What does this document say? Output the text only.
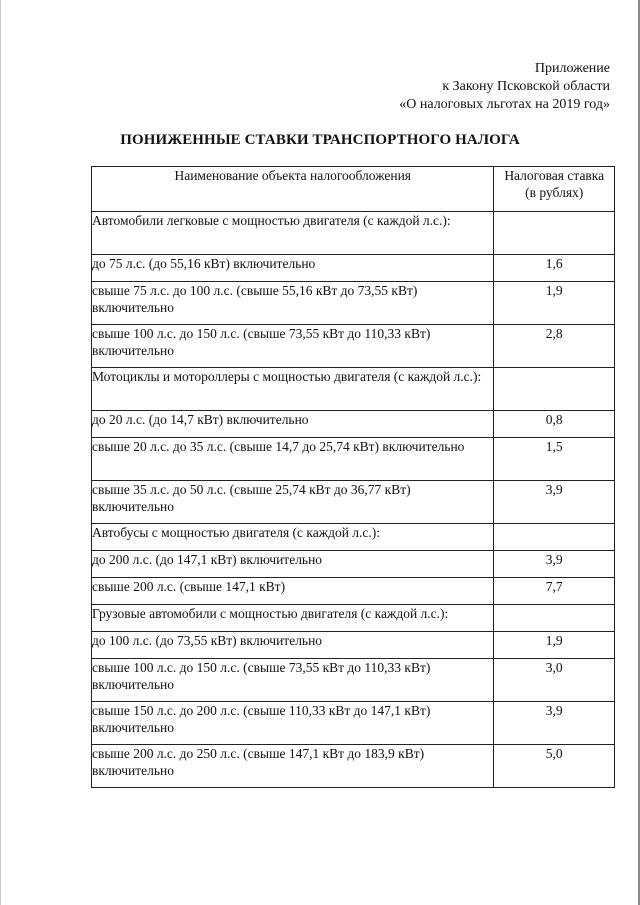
Приложение
к Закону Псковской области
«О налоговых льготах на 2019 год»
ПОНИЖЕННЫЕ СТАВКИ ТРАНСПОРТНОГО НАЛОГА
Наименование объекта налогообложения	Налоговая ставка
(в рублях)

Автомобили легковые с мощностью двигателя (с каждой л.с.):	
до 75 л.с. (до 55,16 кВт) включительно	1,6
свыше 75 л.с. до 100 л.с. (свыше 55,16 кВт до 73,55 кВт) включительно	1,9
свыше 100 л.с. до 150 л.с. (свыше 73,55 кВт до 110,33 кВт) включительно	2,8
Мотоциклы и мотороллеры с мощностью двигателя (с каждой л.с.):	
до 20 л.с. (до 14,7 кВт) включительно	0,8
свыше 20 л.с. до 35 л.с. (свыше 14,7 до 25,74 кВт) включительно	1,5
свыше 35 л.с. до 50 л.с. (свыше 25,74 кВт до 36,77 кВт) включительно	3,9
Автобусы с мощностью двигателя (с каждой л.с.):	
до 200 л.с. (до 147,1 кВт) включительно	3,9
свыше 200 л.с. (свыше 147,1 кВт)	7,7
Грузовые автомобили с мощностью двигателя (с каждой л.с.):	
до 100 л.с. (до 73,55 кВт) включительно	1,9
свыше 100 л.с. до 150 л.с. (свыше 73,55 кВт до 110,33 кВт) включительно	3,0
свыше 150 л.с. до 200 л.с. (свыше 110,33 кВт до 147,1 кВт) включительно	3,9
свыше 200 л.с. до 250 л.с. (свыше 147,1 кВт до 183,9 кВт) включительно	5,0
